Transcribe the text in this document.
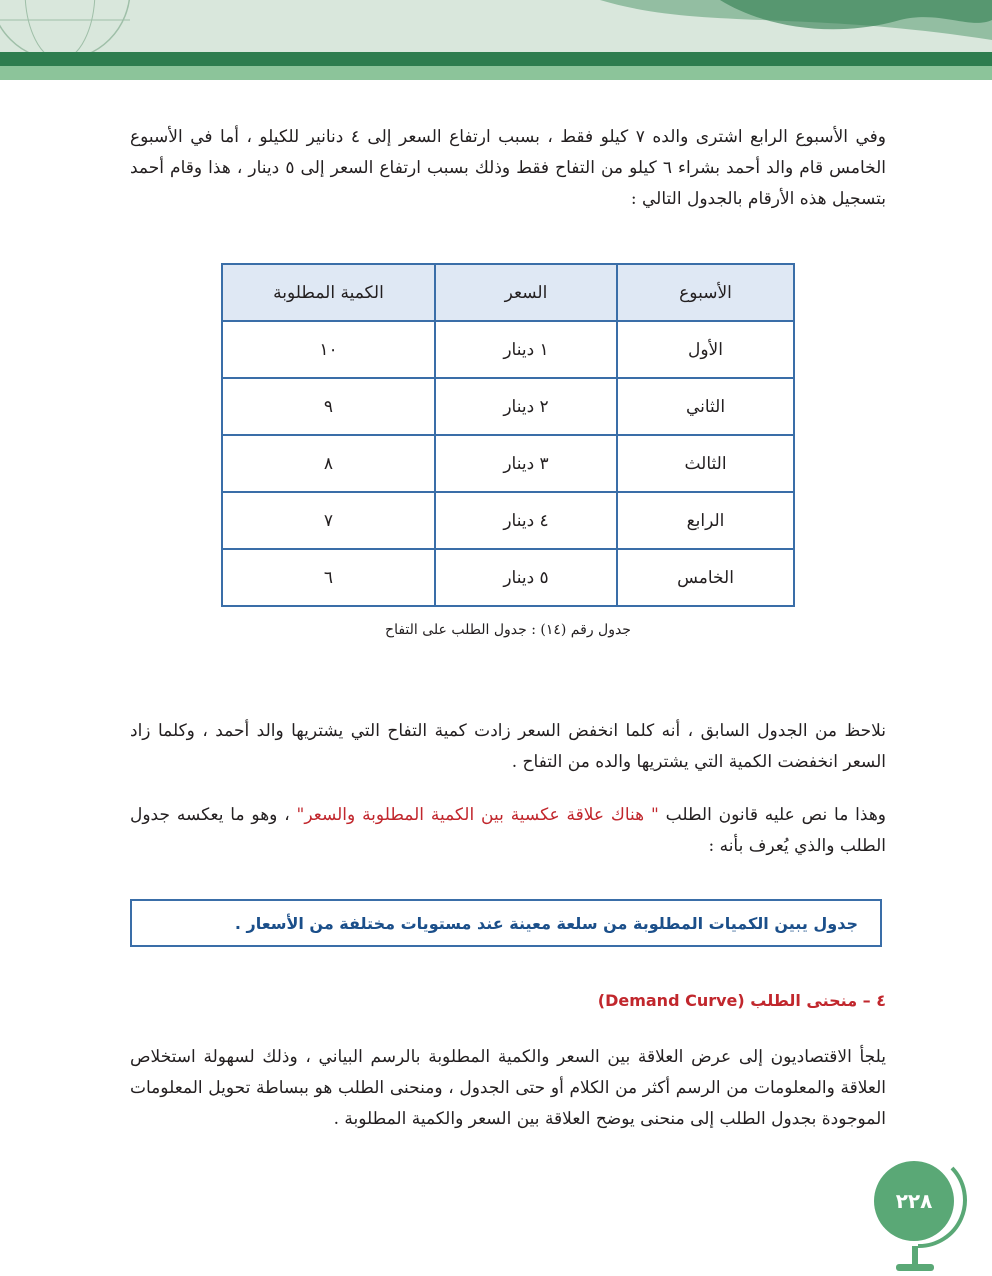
وفي الأسبوع الرابع اشترى والده ٧ كيلو فقط ، بسبب ارتفاع السعر إلى ٤ دنانير للكيلو ، أما في الأسبوع الخامس قام والد أحمد بشراء ٦ كيلو من التفاح فقط وذلك بسبب ارتفاع السعر إلى ٥ دينار ، هذا وقام أحمد بتسجيل هذه الأرقام بالجدول التالي :

الأسبوع	السعر	الكمية المطلوبة
الأول	١ دينار	١٠
الثاني	٢ دينار	٩
الثالث	٣ دينار	٨
الرابع	٤ دينار	٧
الخامس	٥ دينار	٦

جدول رقم (١٤) : جدول الطلب على التفاح

نلاحظ من الجدول السابق ، أنه كلما انخفض السعر زادت كمية التفاح التي يشتريها والد أحمد ، وكلما زاد السعر انخفضت الكمية التي يشتريها والده من التفاح .

وهذا ما نص عليه قانون الطلب " هناك علاقة عكسية بين الكمية المطلوبة والسعر" ، وهو ما يعكسه جدول الطلب والذي يُعرف بأنه :

جدول يبين الكميات المطلوبة من سلعة معينة عند مستويات مختلفة من الأسعار .

٤ – منحنى الطلب (Demand Curve)

يلجأ الاقتصاديون إلى عرض العلاقة بين السعر والكمية المطلوبة بالرسم البياني ، وذلك لسهولة استخلاص العلاقة والمعلومات من الرسم أكثر من الكلام أو حتى الجدول ، ومنحنى الطلب هو ببساطة تحويل المعلومات الموجودة بجدول الطلب إلى منحنى يوضح العلاقة بين السعر والكمية المطلوبة .

٢٢٨
